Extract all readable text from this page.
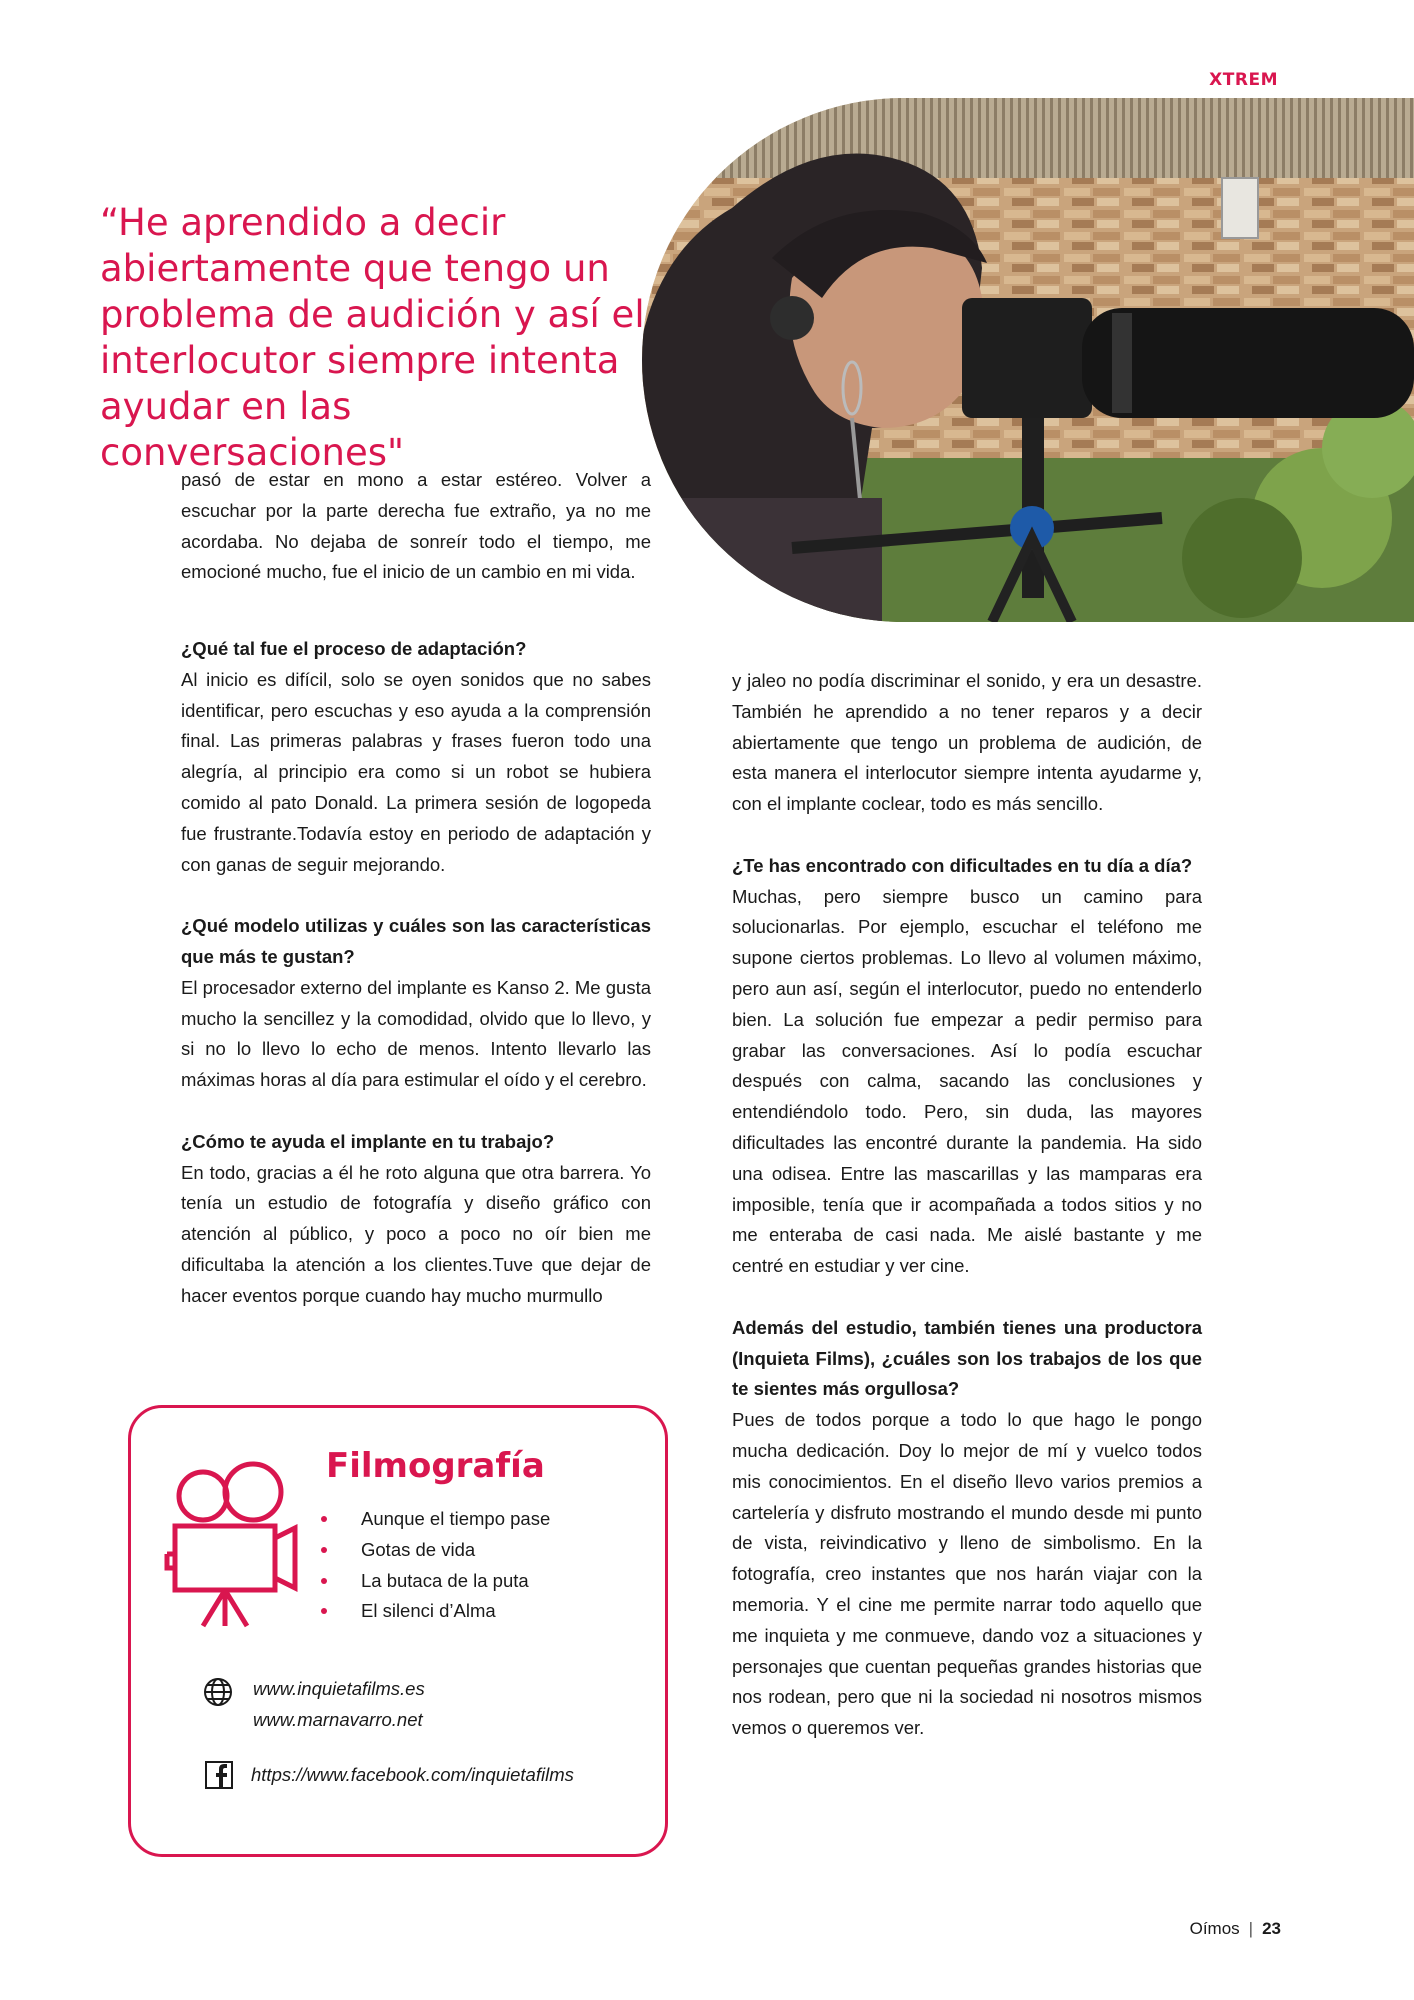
XTREM
“He aprendido a decir abiertamente que tengo un problema de audición y así el interlocutor siempre intenta ayudar en las conversaciones"

pasó de estar en mono a estar estéreo. Volver a escuchar por la parte derecha fue extraño, ya no me acordaba. No dejaba de sonreír todo el tiempo, me emocioné mucho, fue el inicio de un cambio en mi vida.

¿Qué tal fue el proceso de adaptación?

Al inicio es difícil, solo se oyen sonidos que no sabes identificar, pero escuchas y eso ayuda a la comprensión final. Las primeras palabras y frases fueron todo una alegría, al principio era como si un robot se hubiera comido al pato Donald. La primera sesión de logopeda fue frustrante.Todavía estoy en periodo de adaptación y con ganas de seguir mejorando.

¿Qué modelo utilizas y cuáles son las características que más te gustan?

El procesador externo del implante es Kanso 2. Me gusta mucho la sencillez y la comodidad, olvido que lo llevo, y si no lo llevo lo echo de menos. Intento llevarlo las máximas horas al día para estimular el oído y el cerebro.

¿Cómo te ayuda el implante en tu trabajo?

En todo, gracias a él he roto alguna que otra barrera. Yo tenía un estudio de fotografía y diseño gráfico con atención al público, y poco a poco no oír bien me dificultaba la atención a los clientes.Tuve que dejar de hacer eventos porque cuando hay mucho murmullo

y jaleo no podía discriminar el sonido, y era un desastre. También he aprendido a no tener reparos y a decir abiertamente que tengo un problema de audición, de esta manera el interlocutor siempre intenta ayudarme y, con el implante coclear, todo es más sencillo.

¿Te has encontrado con dificultades en tu día a día?

Muchas, pero siempre busco un camino para solucionarlas. Por ejemplo, escuchar el teléfono me supone ciertos problemas. Lo llevo al volumen máximo, pero aun así, según el interlocutor, puedo no entenderlo bien. La solución fue empezar a pedir permiso para grabar las conversaciones. Así lo podía escuchar después con calma, sacando las conclusiones y entendiéndolo todo. Pero, sin duda, las mayores dificultades las encontré durante la pandemia. Ha sido una odisea. Entre las mascarillas y las mamparas era imposible, tenía que ir acompañada a todos sitios y no me enteraba de casi nada. Me aislé bastante y me centré en estudiar y ver cine.

Además del estudio, también tienes una productora (Inquieta Films), ¿cuáles son los trabajos de los que te sientes más orgullosa?

Pues de todos porque a todo lo que hago le pongo mucha dedicación. Doy lo mejor de mí y vuelco todos mis conocimientos. En el diseño llevo varios premios a cartelería y disfruto mostrando el mundo desde mi punto de vista, reivindicativo y lleno de simbolismo. En la fotografía, creo instantes que nos harán viajar con la memoria. Y el cine me permite narrar todo aquello que me inquieta y me conmueve, dando voz a situaciones y personajes que cuentan pequeñas grandes historias que nos rodean, pero que ni la sociedad ni nosotros mismos vemos o queremos ver.

Filmografía
Aunque el tiempo pase
Gotas de vida
La butaca de la puta
El silenci d’Alma
www.inquietafilms.es
www.marnavarro.net
https://www.facebook.com/inquietafilms
Oímos | 23
